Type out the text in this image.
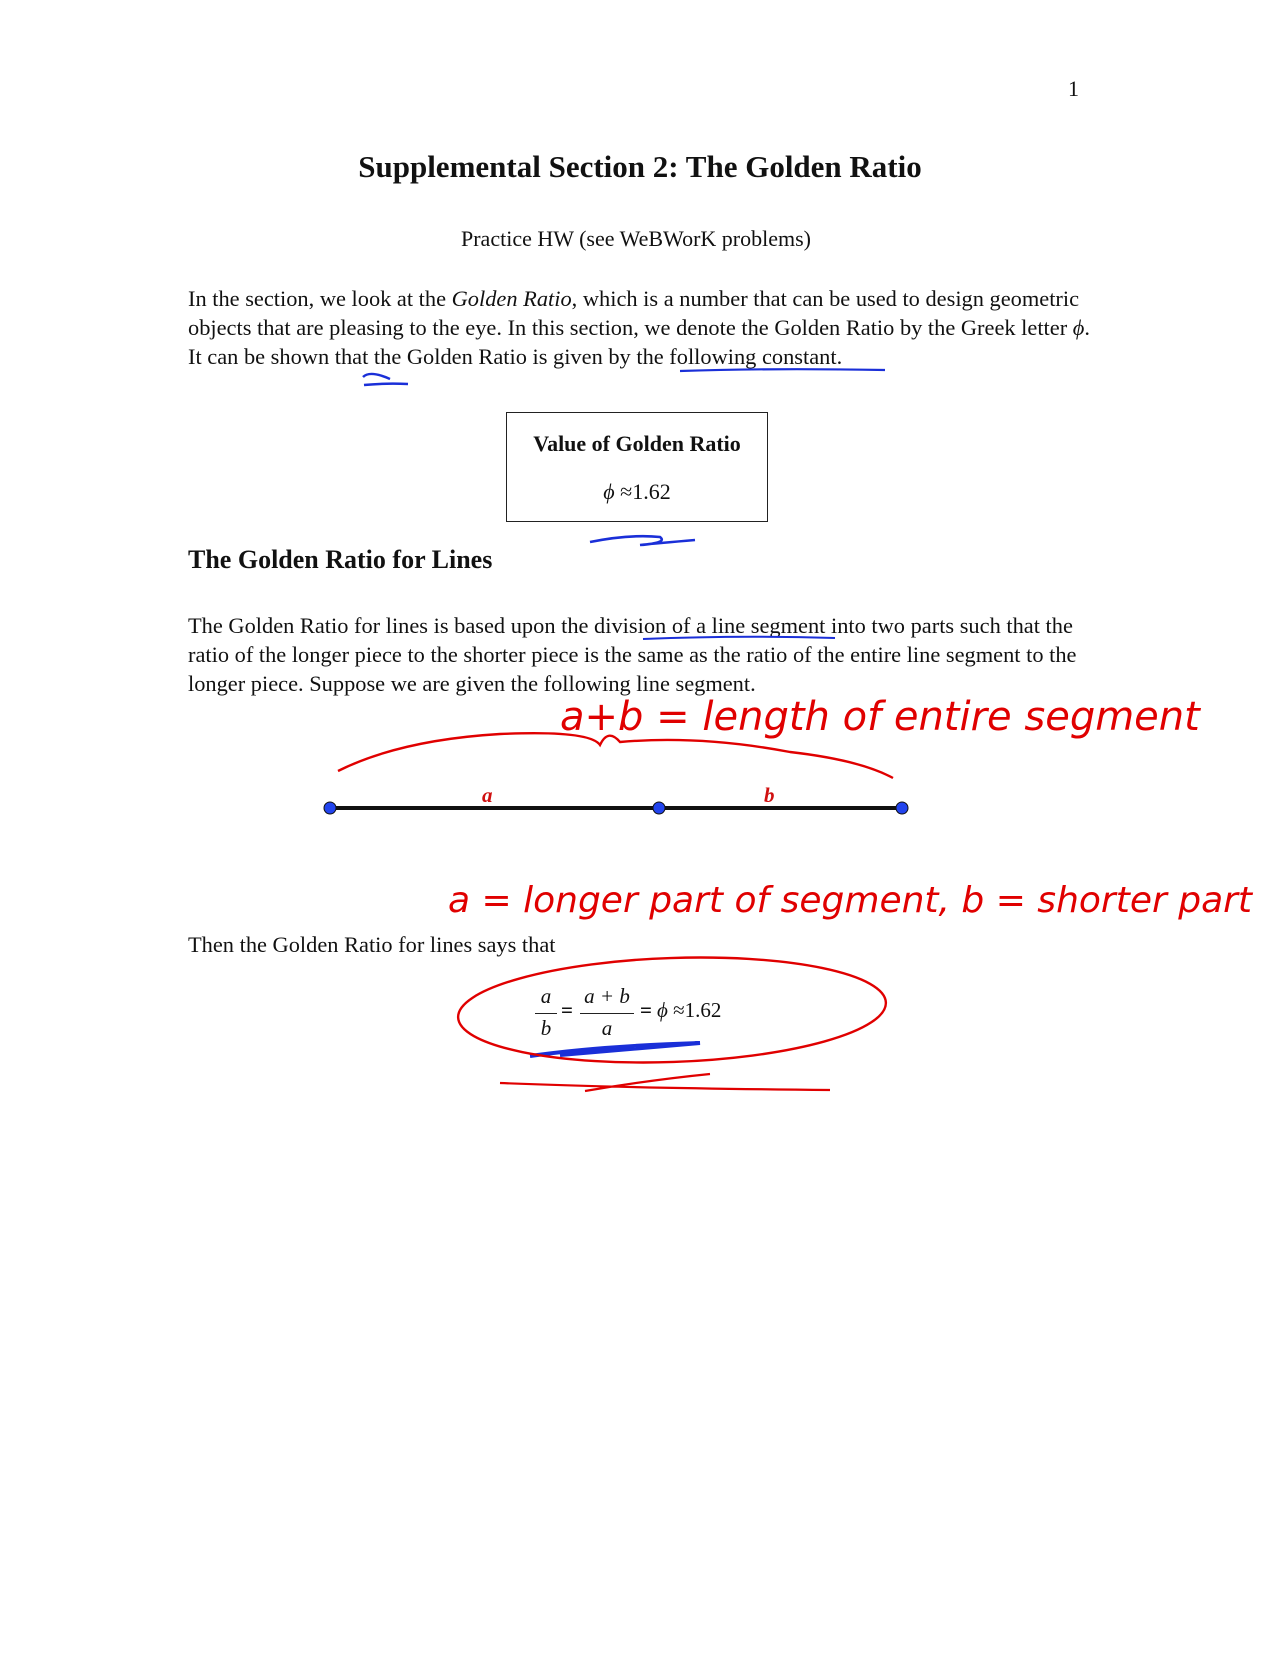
1
Supplemental Section 2: The Golden Ratio
Practice HW (see WeBWorK problems)
In the section, we look at the Golden Ratio, which is a number that can be used to design geometric objects that are pleasing to the eye. In this section, we denote the Golden Ratio by the Greek letter ϕ. It can be shown that the Golden Ratio is given by the following constant.
Value of Golden Ratio
ϕ ≈1.62
The Golden Ratio for Lines
The Golden Ratio for lines is based upon the division of a line segment into two parts such that the ratio of the longer piece to the shorter piece is the same as the ratio of the entire line segment to the longer piece. Suppose we are given the following line segment.
Then the Golden Ratio for lines says that
a	b
$\frac{a}{b} = \frac{a + b}{a} = \phi \approx 1.62$
a+b = length of entire segment
a = longer part of segment, b = shorter part
